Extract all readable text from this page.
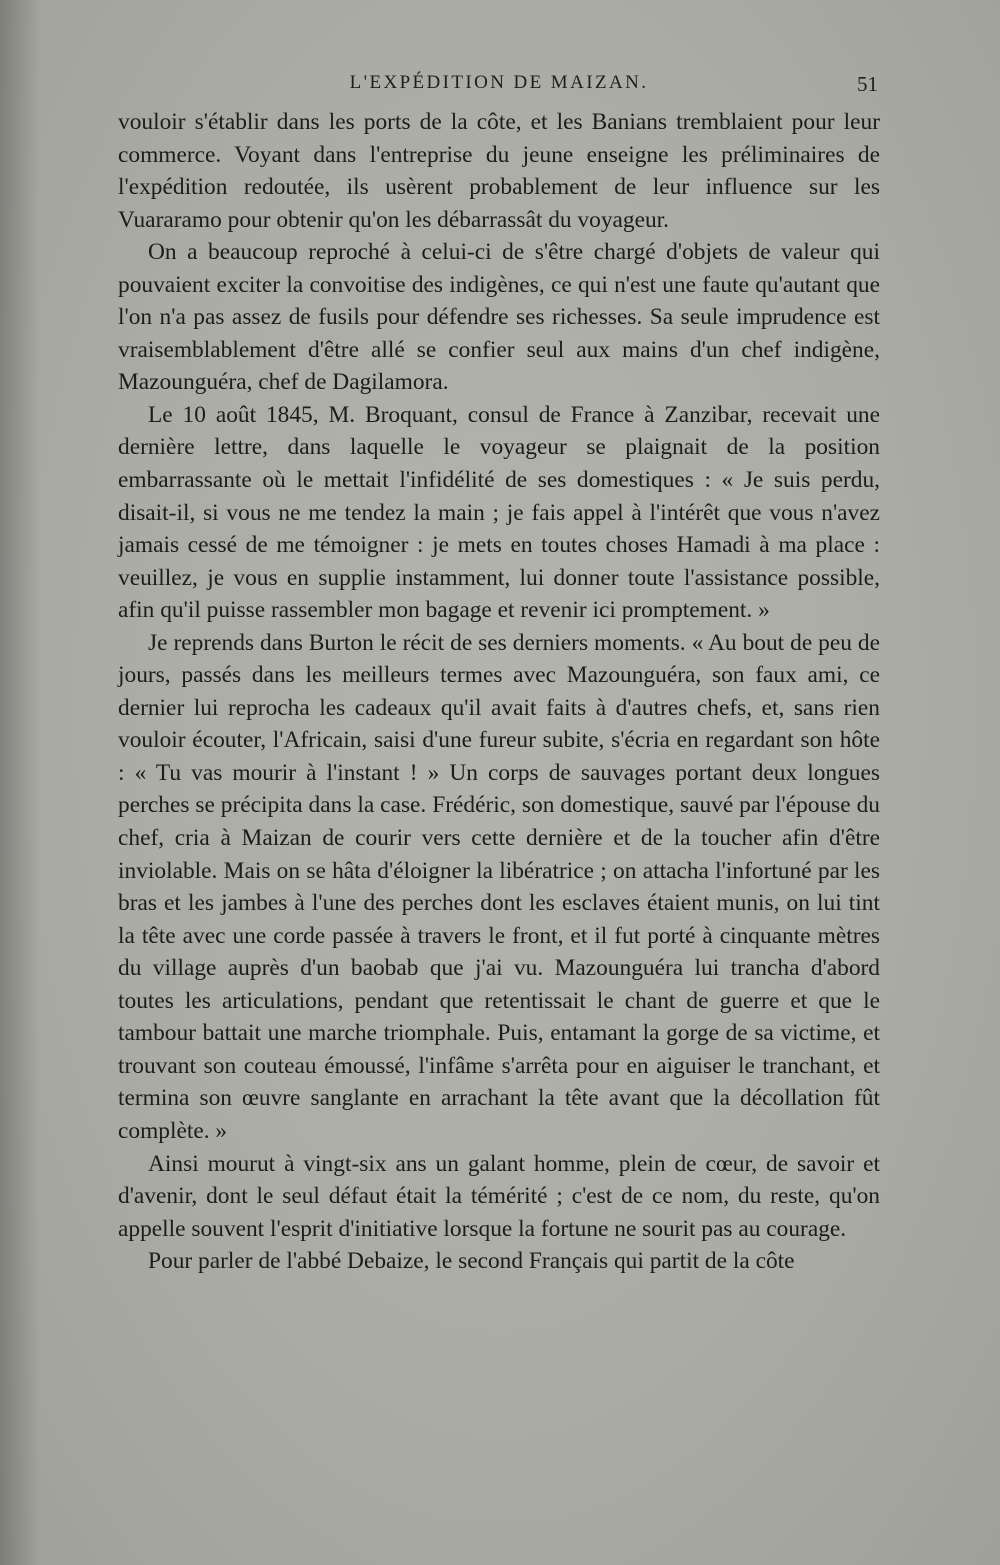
L'EXPÉDITION DE MAIZAN.	51

vouloir s'établir dans les ports de la côte, et les Banians tremblaient pour leur commerce. Voyant dans l'entreprise du jeune enseigne les préliminaires de l'expédition redoutée, ils usèrent probablement de leur influence sur les Vuararamo pour obtenir qu'on les débarrassât du voyageur.

On a beaucoup reproché à celui-ci de s'être chargé d'objets de valeur qui pouvaient exciter la convoitise des indigènes, ce qui n'est une faute qu'autant que l'on n'a pas assez de fusils pour défendre ses richesses. Sa seule imprudence est vraisemblablement d'être allé se confier seul aux mains d'un chef indigène, Mazounguéra, chef de Dagilamora.

Le 10 août 1845, M. Broquant, consul de France à Zanzibar, recevait une dernière lettre, dans laquelle le voyageur se plaignait de la position embarrassante où le mettait l'infidélité de ses domestiques : « Je suis perdu, disait-il, si vous ne me tendez la main ; je fais appel à l'intérêt que vous n'avez jamais cessé de me témoigner : je mets en toutes choses Hamadi à ma place : veuillez, je vous en supplie instamment, lui donner toute l'assistance possible, afin qu'il puisse rassembler mon bagage et revenir ici promptement. »

Je reprends dans Burton le récit de ses derniers moments. « Au bout de peu de jours, passés dans les meilleurs termes avec Mazounguéra, son faux ami, ce dernier lui reprocha les cadeaux qu'il avait faits à d'autres chefs, et, sans rien vouloir écouter, l'Africain, saisi d'une fureur subite, s'écria en regardant son hôte : « Tu vas mourir à l'instant ! » Un corps de sauvages portant deux longues perches se précipita dans la case. Frédéric, son domestique, sauvé par l'épouse du chef, cria à Maizan de courir vers cette dernière et de la toucher afin d'être inviolable. Mais on se hâta d'éloigner la libératrice ; on attacha l'infortuné par les bras et les jambes à l'une des perches dont les esclaves étaient munis, on lui tint la tête avec une corde passée à travers le front, et il fut porté à cinquante mètres du village auprès d'un baobab que j'ai vu. Mazounguéra lui trancha d'abord toutes les articulations, pendant que retentissait le chant de guerre et que le tambour battait une marche triomphale. Puis, entamant la gorge de sa victime, et trouvant son couteau émoussé, l'infâme s'arrêta pour en aiguiser le tranchant, et termina son œuvre sanglante en arrachant la tête avant que la décollation fût complète. »

Ainsi mourut à vingt-six ans un galant homme, plein de cœur, de savoir et d'avenir, dont le seul défaut était la témérité ; c'est de ce nom, du reste, qu'on appelle souvent l'esprit d'initiative lorsque la fortune ne sourit pas au courage.

Pour parler de l'abbé Debaize, le second Français qui partit de la côte
